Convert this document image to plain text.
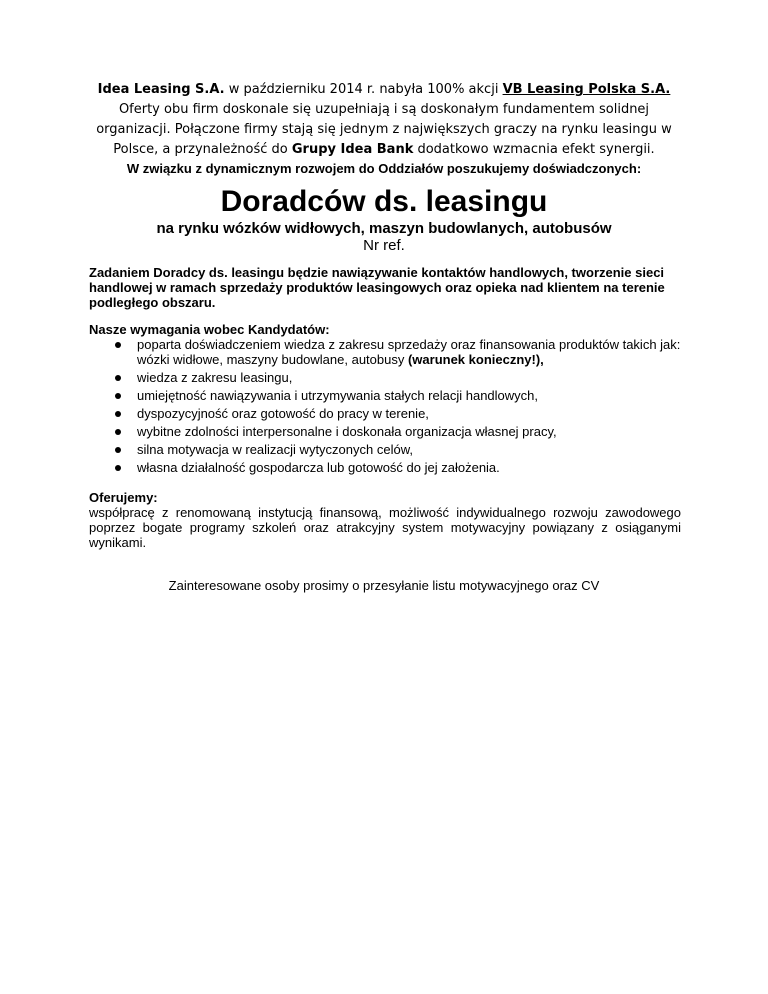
Idea Leasing S.A. w październiku 2014 r. nabyła 100% akcji VB Leasing Polska S.A. Oferty obu firm doskonale się uzupełniają i są doskonałym fundamentem solidnej organizacji. Połączone firmy stają się jednym z największych graczy na rynku leasingu w Polsce, a przynależność do Grupy Idea Bank dodatkowo wzmacnia efekt synergii.
W związku z dynamicznym rozwojem do Oddziałów poszukujemy doświadczonych:
Doradców ds. leasingu
na rynku wózków widłowych, maszyn budowlanych, autobusów
Nr ref.
Zadaniem Doradcy ds. leasingu będzie nawiązywanie kontaktów handlowych, tworzenie sieci handlowej w ramach sprzedaży produktów leasingowych oraz opieka nad klientem na terenie podległego obszaru.
Nasze wymagania wobec Kandydatów:
poparta doświadczeniem wiedza z zakresu sprzedaży oraz finansowania produktów takich jak: wózki widłowe, maszyny budowlane, autobusy (warunek konieczny!),
wiedza z zakresu leasingu,
umiejętność nawiązywania i utrzymywania stałych relacji handlowych,
dyspozycyjność oraz gotowość do pracy w terenie,
wybitne zdolności interpersonalne i doskonała organizacja własnej pracy,
silna motywacja w realizacji wytyczonych celów,
własna działalność gospodarcza lub gotowość do jej założenia.
Oferujemy:
współpracę z renomowaną instytucją finansową, możliwość indywidualnego rozwoju zawodowego poprzez bogate programy szkoleń oraz atrakcyjny system motywacyjny powiązany z osiąganymi wynikami.
Zainteresowane osoby prosimy o przesyłanie listu motywacyjnego oraz CV
